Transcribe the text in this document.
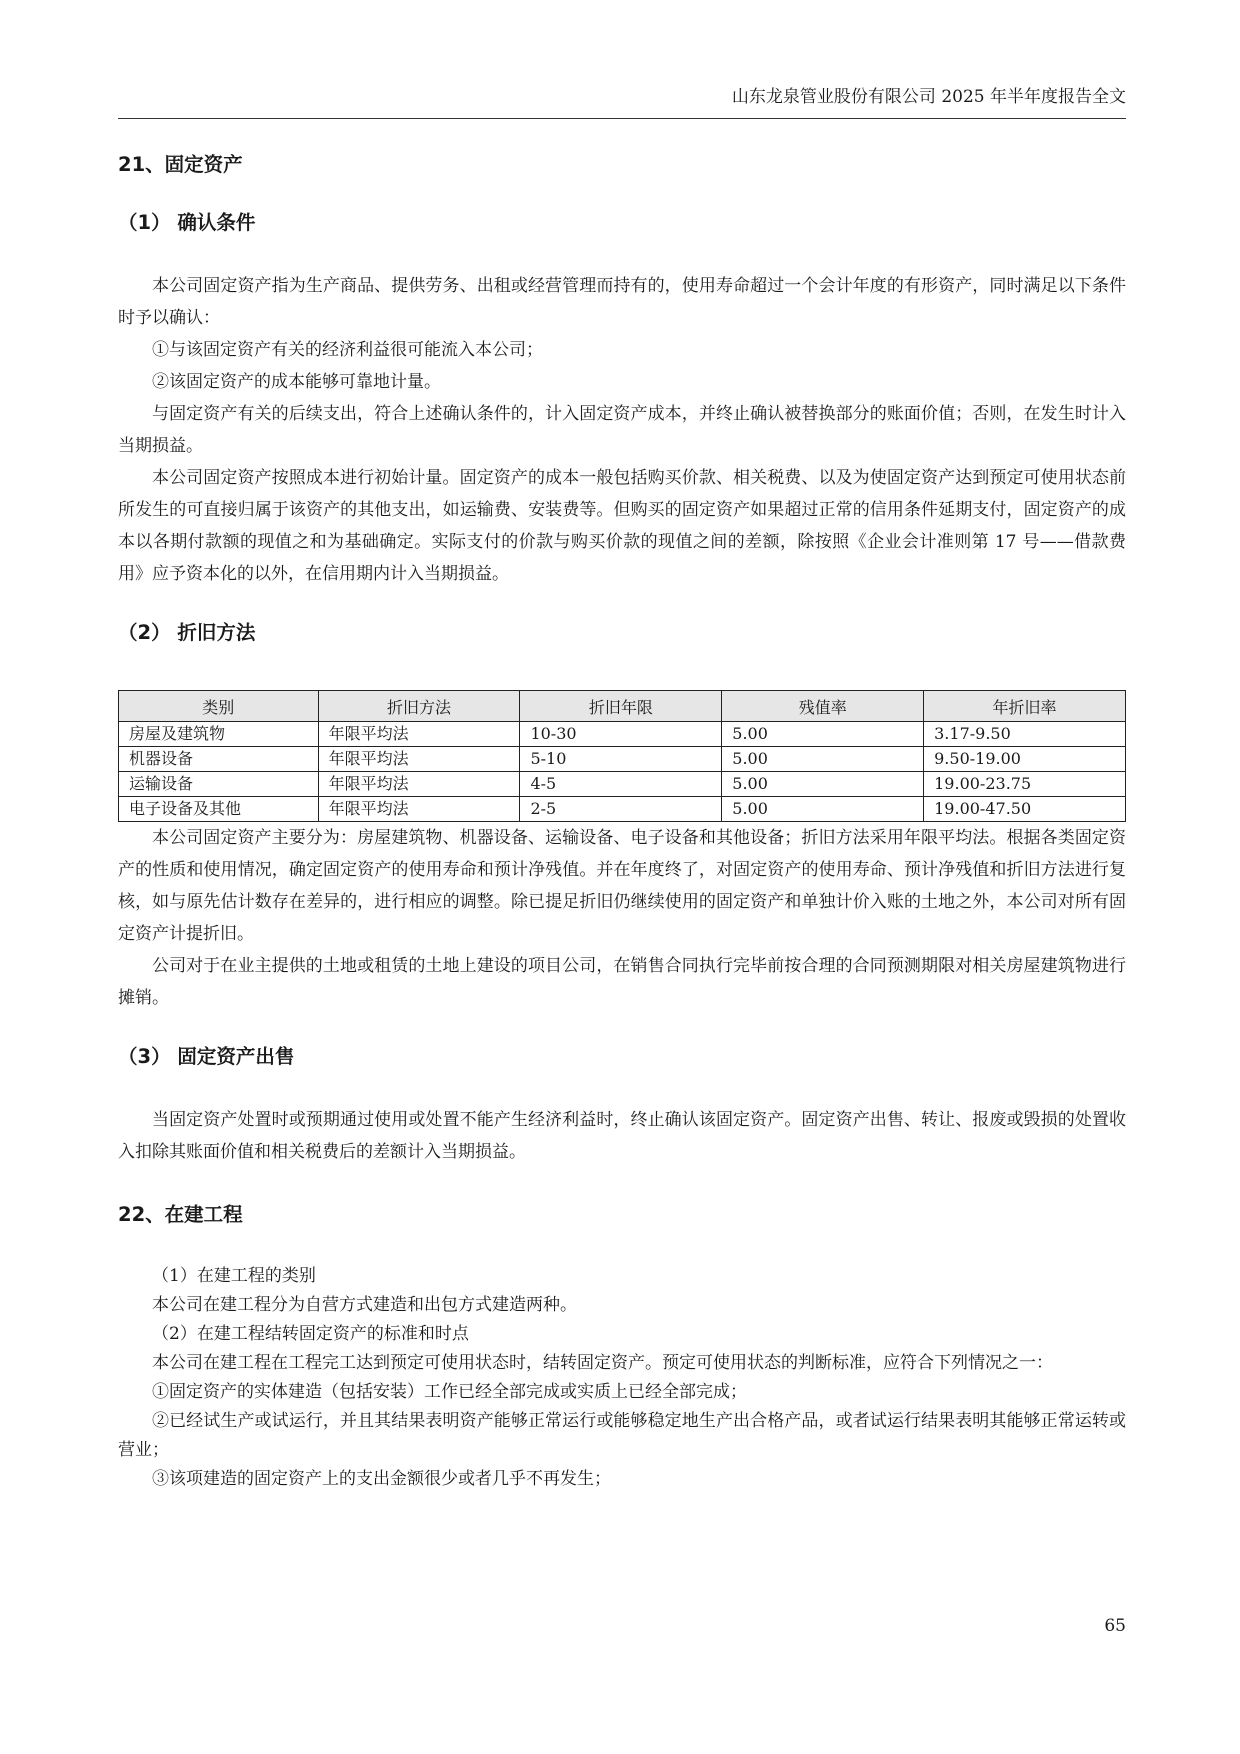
山东龙泉管业股份有限公司 2025 年半年度报告全文
21、固定资产
（1） 确认条件

本公司固定资产指为生产商品、提供劳务、出租或经营管理而持有的，使用寿命超过一个会计年度的有形资产，同时满足以下条件时予以确认：

①与该固定资产有关的经济利益很可能流入本公司；

②该固定资产的成本能够可靠地计量。

与固定资产有关的后续支出，符合上述确认条件的，计入固定资产成本，并终止确认被替换部分的账面价值；否则，在发生时计入当期损益。

本公司固定资产按照成本进行初始计量。固定资产的成本一般包括购买价款、相关税费、以及为使固定资产达到预定可使用状态前所发生的可直接归属于该资产的其他支出，如运输费、安装费等。但购买的固定资产如果超过正常的信用条件延期支付，固定资产的成本以各期付款额的现值之和为基础确定。实际支付的价款与购买价款的现值之间的差额，除按照《企业会计准则第 17 号——借款费用》应予资本化的以外，在信用期内计入当期损益。

（2） 折旧方法
类别	折旧方法	折旧年限	残值率	年折旧率
房屋及建筑物	年限平均法	10-30	5.00	3.17-9.50
机器设备	年限平均法	5-10	5.00	9.50-19.00
运输设备	年限平均法	4-5	5.00	19.00-23.75
电子设备及其他	年限平均法	2-5	5.00	19.00-47.50

本公司固定资产主要分为：房屋建筑物、机器设备、运输设备、电子设备和其他设备；折旧方法采用年限平均法。根据各类固定资产的性质和使用情况，确定固定资产的使用寿命和预计净残值。并在年度终了，对固定资产的使用寿命、预计净残值和折旧方法进行复核，如与原先估计数存在差异的，进行相应的调整。除已提足折旧仍继续使用的固定资产和单独计价入账的土地之外，本公司对所有固定资产计提折旧。

公司对于在业主提供的土地或租赁的土地上建设的项目公司，在销售合同执行完毕前按合理的合同预测期限对相关房屋建筑物进行摊销。

（3） 固定资产出售

当固定资产处置时或预期通过使用或处置不能产生经济利益时，终止确认该固定资产。固定资产出售、转让、报废或毁损的处置收入扣除其账面价值和相关税费后的差额计入当期损益。

22、在建工程

（1）在建工程的类别

本公司在建工程分为自营方式建造和出包方式建造两种。

（2）在建工程结转固定资产的标准和时点

本公司在建工程在工程完工达到预定可使用状态时，结转固定资产。预定可使用状态的判断标准，应符合下列情况之一：

①固定资产的实体建造（包括安装）工作已经全部完成或实质上已经全部完成；

②已经试生产或试运行，并且其结果表明资产能够正常运行或能够稳定地生产出合格产品，或者试运行结果表明其能够正常运转或营业；

③该项建造的固定资产上的支出金额很少或者几乎不再发生；

65
